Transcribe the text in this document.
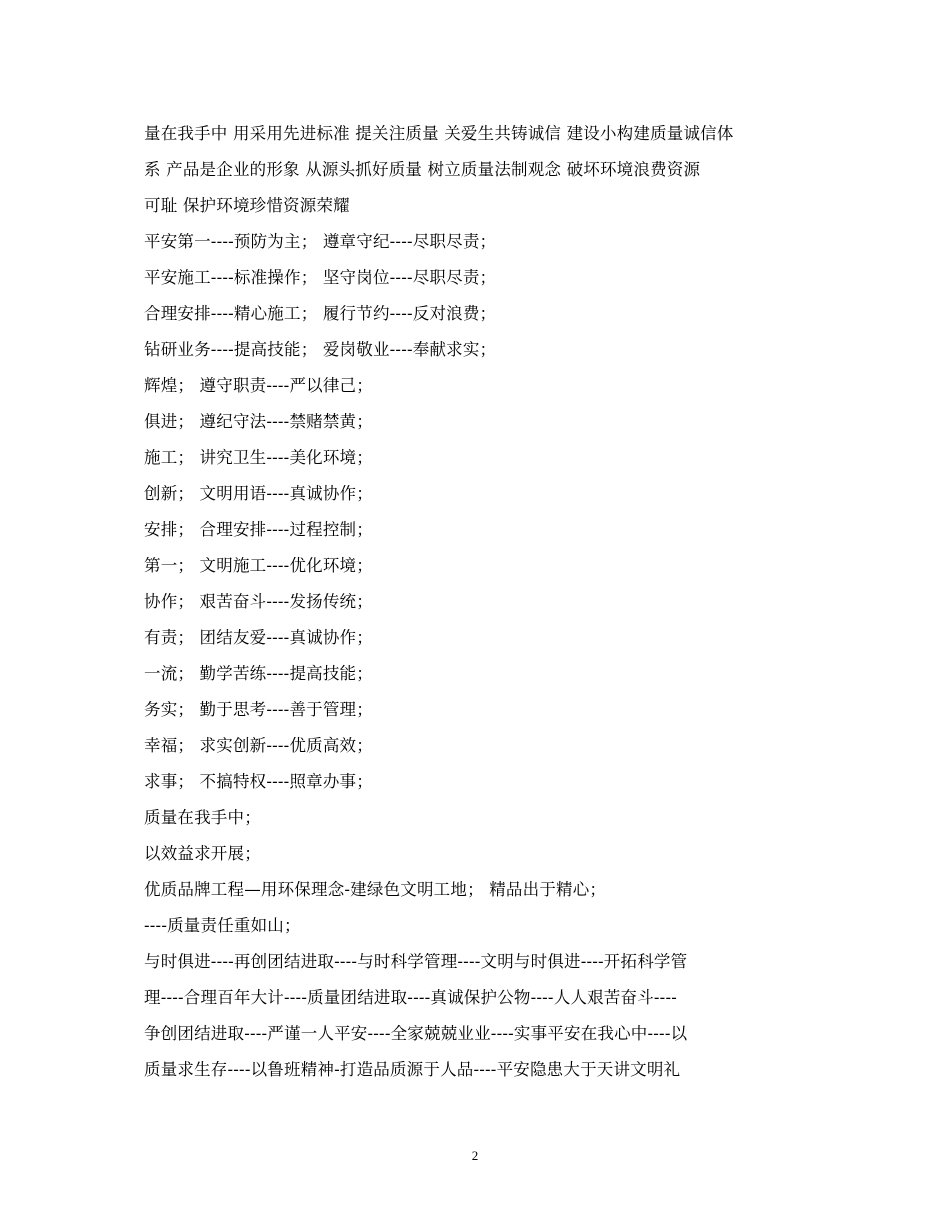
量在我手中 用采用先进标准 提关注质量 关爱生共铸诚信 建设小构建质量诚信体
系 产品是企业的形象 从源头抓好质量 树立质量法制观念 破坏环境浪费资源
可耻 保护环境珍惜资源荣耀
平安第一----预防为主； 遵章守纪----尽职尽责；
平安施工----标准操作； 坚守岗位----尽职尽责；
合理安排----精心施工； 履行节约----反对浪费；
钻研业务----提高技能； 爱岗敬业----奉献求实；
辉煌； 遵守职责----严以律己；
俱进； 遵纪守法----禁赌禁黄；
施工； 讲究卫生----美化环境；
创新； 文明用语----真诚协作；
安排； 合理安排----过程控制；
第一； 文明施工----优化环境；
协作； 艰苦奋斗----发扬传统；
有责； 团结友爱----真诚协作；
一流； 勤学苦练----提高技能；
务实； 勤于思考----善于管理；
幸福； 求实创新----优质高效；
求事； 不搞特权----照章办事；
质量在我手中；
以效益求开展；
优质品牌工程—用环保理念-建绿色文明工地； 精品出于精心；
----质量责任重如山；
与时俱进----再创团结进取----与时科学管理----文明与时俱进----开拓科学管
理----合理百年大计----质量团结进取----真诚保护公物----人人艰苦奋斗----
争创团结进取----严谨一人平安----全家兢兢业业----实事平安在我心中----以
质量求生存----以鲁班精神-打造品质源于人品----平安隐患大于天讲文明礼
2
